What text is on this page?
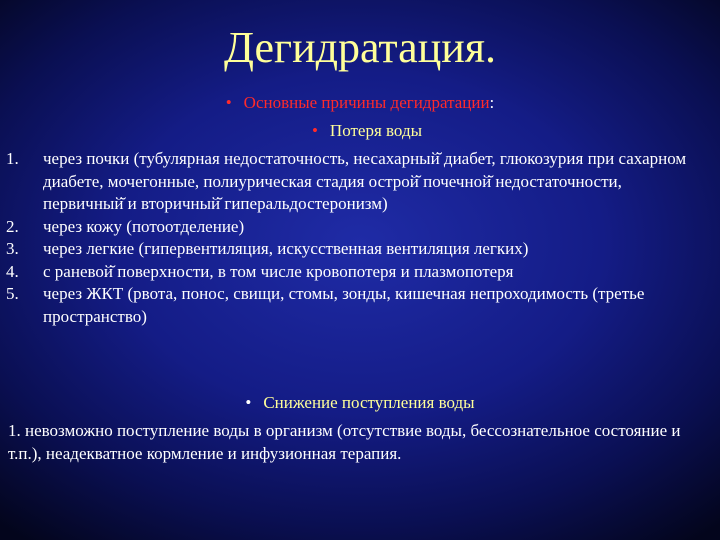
Дегидратация.
• Основные причины дегидратации:
• Потеря воды
1.	через почки (тубулярная недостаточность, несахарный̆ диабет, глюкозурия при сахарном диабете, мочегонные, полиурическая стадия острой̆ почечной̆ недостаточности, первичный̆ и вторичный̆ гиперальдостеронизм)
2.	через кожу (потоотделение)
3.	через легкие (гипервентиляция, искусственная вентиляция легких)
4.	с раневой̆ поверхности, в том числе кровопотеря и плазмопотеря
5.	через ЖКТ (рвота, понос, свищи, стомы, зонды, кишечная непроходимость (третье пространство)
• Снижение поступления воды
1. невозможно поступление воды в организм (отсутствие воды, бессознательное состояние и т.п.), неадекватное кормление и инфузионная терапия.
